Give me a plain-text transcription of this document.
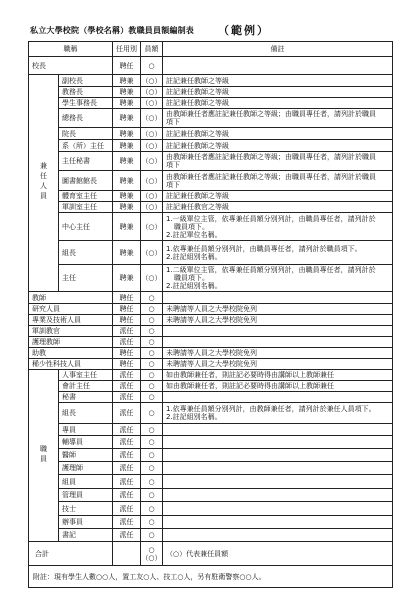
私立大學校院（學校名稱）教職員員額編制表 （範例）
職稱		任用別	員額	備註
校長		聘任	○	
兼任人員	副校長	聘兼	（○）	註記兼任教師之等級

	教務長	聘兼	（○）	註記兼任教師之等級

	學生事務長	聘兼	（○）	註記兼任教師之等級

	總務長	聘兼	（○）	由教師兼任者應註記兼任教師之等級；由職員專任者，請列計於職員
項下

	院長	聘兼	（○）	註記兼任教師之等級

	系（所）主任	聘兼	（○）	註記兼任教師之等級

	主任秘書	聘兼	（○）	由教師兼任者應註記兼任教師之等級；由職員專任者，請列計於職員
項下

	圖書館館長	聘兼	（○）	由教師兼任者應註記兼任教師之等級；由職員專任者，請列計於職員
項下

	體育室主任	聘兼	（○）	註記兼任教師之等級

	軍訓室主任	聘兼	（○）	註記兼任教官之等級

	中心主任	聘兼	（○）	1.一級單位主管，依專兼任員額分別列計，由職員專任者，請列計於
職員項下。
2.註記單位名稱。

	組長	聘兼	（○）	1.依專兼任員額分別列計，由職員專任者，請列計於職員項下。
2.註記組別名稱。

	主任	聘兼	（○）	1.二級單位主管，依專兼任員額分別列計，由職員專任者，請列計於
職員項下。
2.註記組別名稱。

教師		聘任	○	
研究人員		聘任	○	未聘請等人員之大學校院免列

專業及技術人員		聘任	○	未聘請等人員之大學校院免列

軍訓教官		派任	○	
護理教師		派任	○	
助教		聘任	○	未聘請等人員之大學校院免列

稀少性科技人員		聘任	○	未聘請等人員之大學校院免列

職員	人事室主任	派任	○	如由教師兼任者，則註記必要時得由講師以上教師兼任

	會計主任	派任	○	如由教師兼任者，則註記必要時得由講師以上教師兼任

	秘書	派任	○	
	組長	派任	○	1.依專兼任員額分別列計，由教師兼任者，請列計於兼任人員項下。
2.註記組別名稱。

	專員	派任	○	
	輔導員	派任	○	
	醫師	派任	○	
	護理師	派任	○	
	組員	派任	○	
	管理員	派任	○	
	技士	派任	○	
	辦事員	派任	○	
	書記	派任	○	
合計			○
（○）	（○）代表兼任員額
附註：現有學生人數○○人，置工友○人、技工○人，另有駐衛警察○○人。				
